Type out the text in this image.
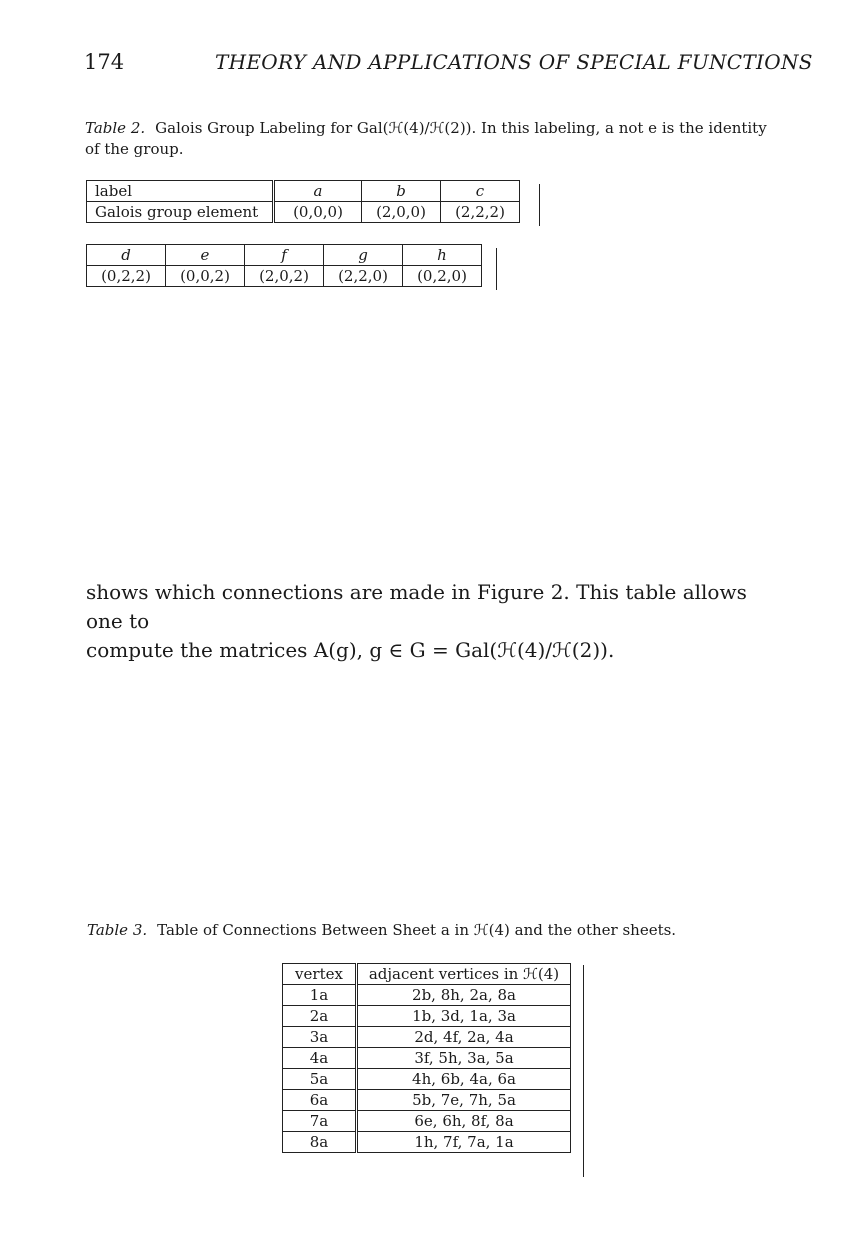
174	THEORY AND APPLICATIONS OF SPECIAL FUNCTIONS
Table 2. Galois Group Labeling for Gal(ℋ(4)/ℋ(2)). In this labeling, a not e is the identity of the group.
label	a	b	c
Galois group element	(0,0,0)	(2,0,0)	(2,2,2)
d	e	f	g	h
(0,2,2)	(0,0,2)	(2,0,2)	(2,2,0)	(0,2,0)
shows which connections are made in Figure 2. This table allows one to
compute the matrices A(g), g ∈ G = Gal(ℋ(4)/ℋ(2)).
Table 3. Table of Connections Between Sheet a in ℋ(4) and the other sheets.
vertex	adjacent vertices in ℋ(4)
1a	2b, 8h, 2a, 8a
2a	1b, 3d, 1a, 3a
3a	2d, 4f, 2a, 4a
4a	3f, 5h, 3a, 5a
5a	4h, 6b, 4a, 6a
6a	5b, 7e, 7h, 5a
7a	6e, 6h, 8f, 8a
8a	1h, 7f, 7a, 1a
